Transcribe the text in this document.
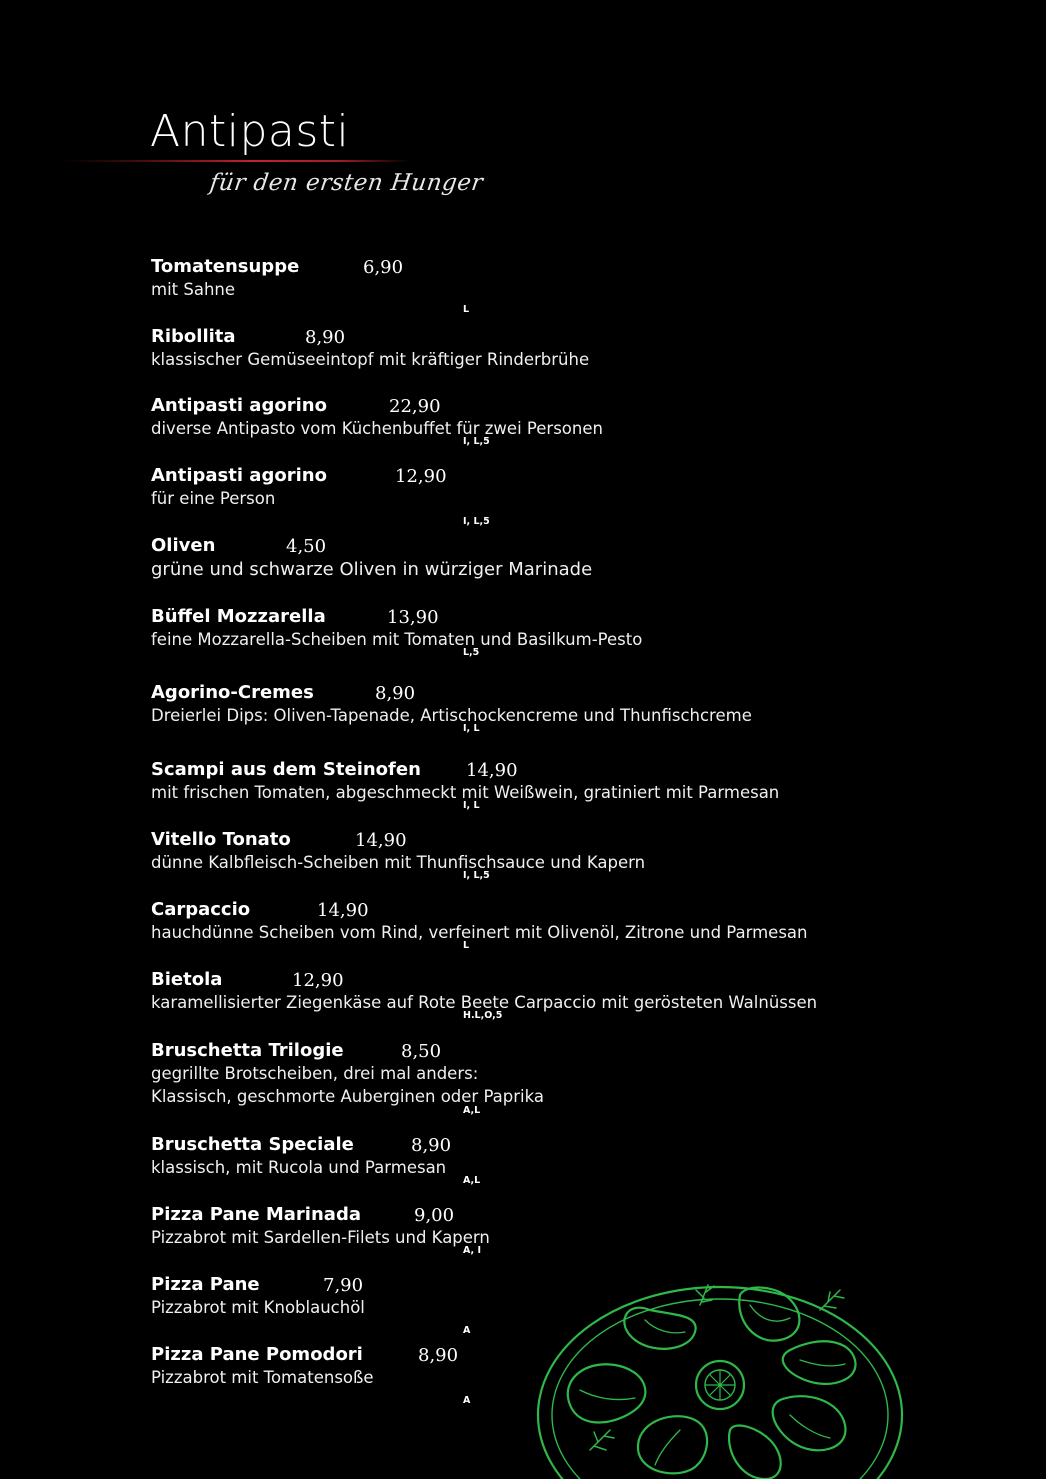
Antipasti
für den ersten Hunger
Tomatensuppe	6,90
mit Sahne
L
Ribollita	8,90
klassischer Gemüseeintopf mit kräftiger Rinderbrühe
Antipasti agorino	22,90
diverse Antipasto vom Küchenbuffet für zwei Personen
I, L,5
Antipasti agorino	12,90
für eine Person
I, L,5
Oliven	4,50
grüne und schwarze Oliven in würziger Marinade
Büffel Mozzarella	13,90
feine Mozzarella-Scheiben mit Tomaten und Basilkum-Pesto
L,5
Agorino-Cremes	8,90
Dreierlei Dips: Oliven-Tapenade, Artischockencreme und Thunfischcreme
I, L
Scampi aus dem Steinofen	14,90
mit frischen Tomaten, abgeschmeckt mit Weißwein, gratiniert mit Parmesan
I, L
Vitello Tonato	14,90
dünne Kalbfleisch-Scheiben mit Thunfischsauce und Kapern
I, L,5
Carpaccio	14,90
hauchdünne Scheiben vom Rind, verfeinert mit Olivenöl, Zitrone und Parmesan
L
Bietola	12,90
karamellisierter Ziegenkäse auf Rote Beete Carpaccio mit gerösteten Walnüssen
H.L,O,5
Bruschetta Trilogie	8,50
gegrillte Brotscheiben, drei mal anders:
Klassisch, geschmorte Auberginen oder Paprika
A,L
Bruschetta Speciale	8,90
klassisch, mit Rucola und Parmesan
A,L
Pizza Pane Marinada	9,00
Pizzabrot mit Sardellen-Filets und Kapern
A, I
Pizza Pane	7,90
Pizzabrot mit Knoblauchöl
A
Pizza Pane Pomodori	8,90
Pizzabrot mit Tomatensoße
A
